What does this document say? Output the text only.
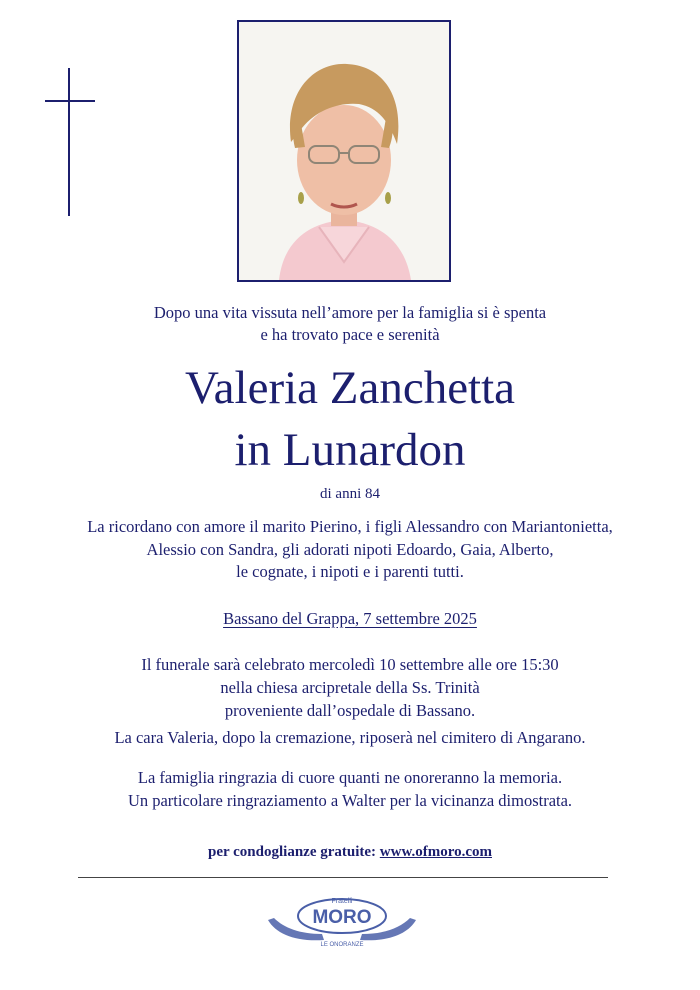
Dopo una vita vissuta nell’amore per la famiglia si è spenta
e ha trovato pace e serenità
Valeria Zanchetta
in Lunardon
di anni 84
La ricordano con amore il marito Pierino, i figli Alessandro con Mariantonietta,
Alessio con Sandra, gli adorati nipoti Edoardo, Gaia, Alberto,
le cognate, i nipoti e i parenti tutti.
Bassano del Grappa, 7 settembre 2025
Il funerale sarà celebrato mercoledì 10 settembre alle ore 15:30
nella chiesa arcipretale della Ss. Trinità
proveniente dall’ospedale di Bassano.
La cara Valeria, dopo la cremazione, riposerà nel cimitero di Angarano.
La famiglia ringrazia di cuore quanti ne onoreranno la memoria.
Un particolare ringraziamento a Walter per la vicinanza dimostrata.
per condoglianze gratuite: www.ofmoro.com
Fratelli
MORO
LE ONORANZE
